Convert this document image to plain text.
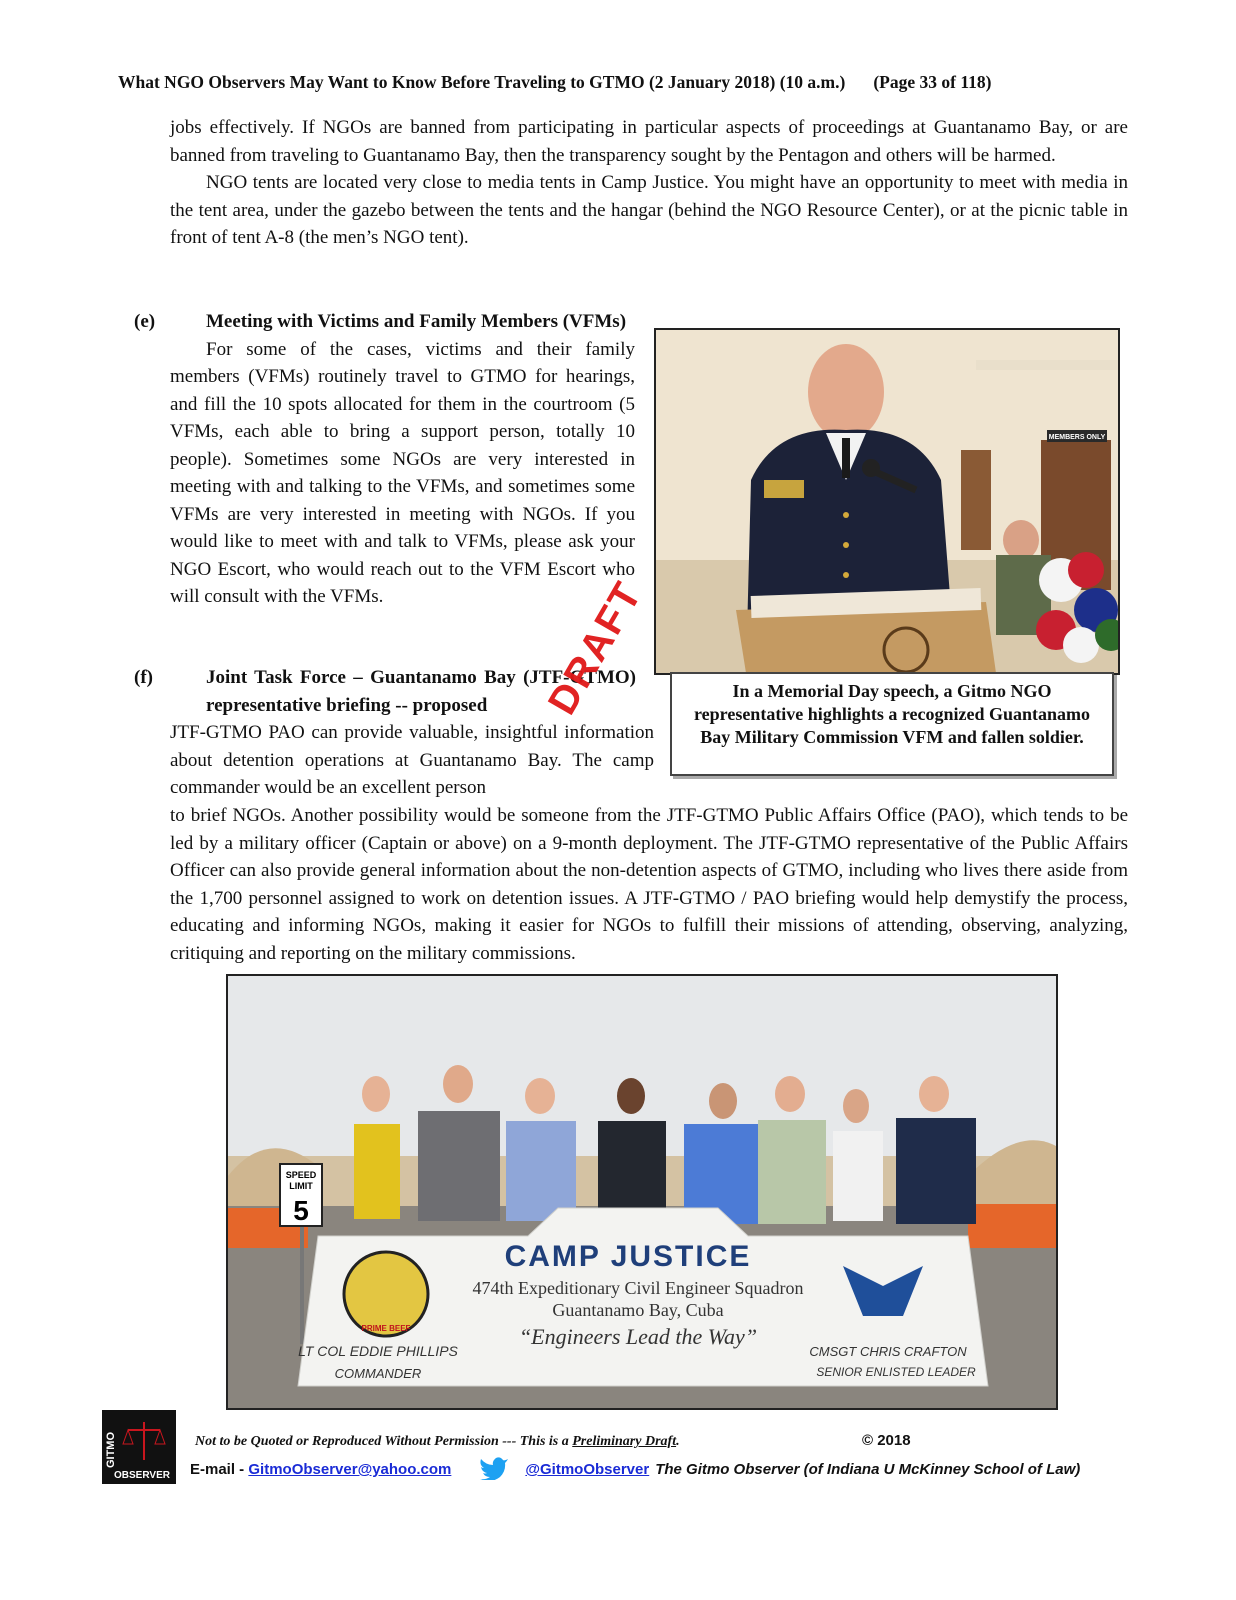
What NGO Observers May Want to Know Before Traveling to GTMO (2 January 2018) (10 a.m.) (Page 33 of 118)

jobs effectively. If NGOs are banned from participating in particular aspects of proceedings at Guantanamo Bay, or are banned from traveling to Guantanamo Bay, then the transparency sought by the Pentagon and others will be harmed.

NGO tents are located very close to media tents in Camp Justice. You might have an opportunity to meet with media in the tent area, under the gazebo between the tents and the hangar (behind the NGO Resource Center), or at the picnic table in front of tent A-8 (the men’s NGO tent).

(e)	Meeting with Victims and Family Members (VFMs)

For some of the cases, victims and their family members (VFMs) routinely travel to GTMO for hearings, and fill the 10 spots allocated for them in the courtroom (5 VFMs, each able to bring a support person, totally 10 people). Sometimes some NGOs are very interested in meeting with and talking to the VFMs, and sometimes some VFMs are very interested in meeting with NGOs. If you would like to meet with and talk to VFMs, please ask your NGO Escort, who would reach out to the VFM Escort who will consult with the VFMs.

(f)	Joint Task Force – Guantanamo Bay (JTF-GTMO) representative briefing -- proposed

JTF-GTMO PAO can provide valuable, insightful information about detention operations at Guantanamo Bay. The camp commander would be an excellent person

MEMBERS ONLY
In a Memorial Day speech, a Gitmo NGO representative highlights a recognized Guantanamo Bay Military Commission VFM and fallen soldier.

to brief NGOs. Another possibility would be someone from the JTF-GTMO Public Affairs Office (PAO), which tends to be led by a military officer (Captain or above) on a 9-month deployment. The JTF-GTMO representative of the Public Affairs Officer can also provide general information about the non-detention aspects of GTMO, including who lives there aside from the 1,700 personnel assigned to work on detention issues. A JTF-GTMO / PAO briefing would help demystify the process, educating and informing NGOs, making it easier for NGOs to fulfill their missions of attending, observing, analyzing, critiquing and reporting on the military commissions.

DRAFT
SPEED
LIMIT
5
CAMP JUSTICE
474th Expeditionary Civil Engineer Squadron
Guantanamo Bay, Cuba
“Engineers Lead the Way”
PRIME BEEF
LT COL EDDIE PHILLIPS
COMMANDER
CMSGT CHRIS CRAFTON
SENIOR ENLISTED LEADER
GITMO
OBSERVER
Not to be Quoted or Reproduced Without Permission --- This is a Preliminary Draft.	© 2018
E-mail - GitmoObserver@yahoo.com	@GitmoObserver The Gitmo Observer (of Indiana U McKinney School of Law)
